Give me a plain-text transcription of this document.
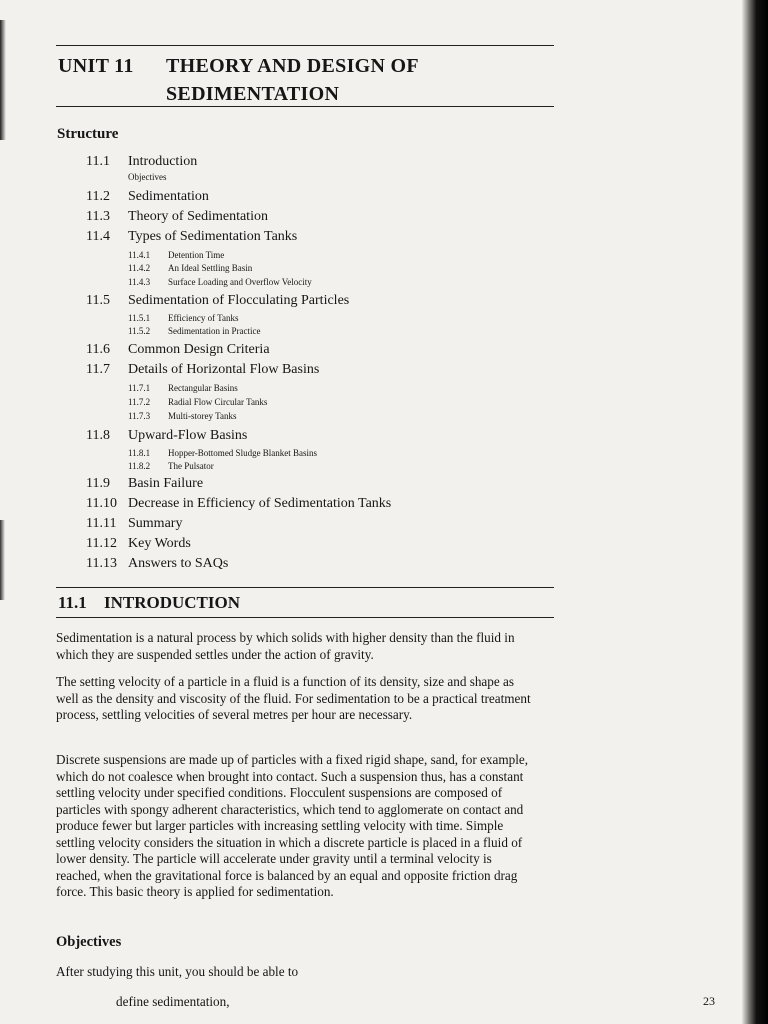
UNIT 11 THEORY AND DESIGN OF
SEDIMENTATION
Structure
11.1 Introduction
Objectives
11.2 Sedimentation
11.3 Theory of Sedimentation
11.4 Types of Sedimentation Tanks
11.4.1 Detention Time
11.4.2 An Ideal Settling Basin
11.4.3 Surface Loading and Overflow Velocity
11.5 Sedimentation of Flocculating Particles
11.5.1 Efficiency of Tanks
11.5.2 Sedimentation in Practice
11.6 Common Design Criteria
11.7 Details of Horizontal Flow Basins
11.7.1 Rectangular Basins
11.7.2 Radial Flow Circular Tanks
11.7.3 Multi-storey Tanks
11.8 Upward-Flow Basins
11.8.1 Hopper-Bottomed Sludge Blanket Basins
11.8.2 The Pulsator
11.9 Basin Failure
11.10 Decrease in Efficiency of Sedimentation Tanks
11.11 Summary
11.12 Key Words
11.13 Answers to SAQs
11.1 INTRODUCTION
Sedimentation is a natural process by which solids with higher density than the fluid in which they are suspended settles under the action of gravity.
The setting velocity of a particle in a fluid is a function of its density, size and shape as well as the density and viscosity of the fluid. For sedimentation to be a practical treatment process, settling velocities of several metres per hour are necessary.
Discrete suspensions are made up of particles with a fixed rigid shape, sand, for example, which do not coalesce when brought into contact. Such a suspension thus, has a constant settling velocity under specified conditions. Flocculent suspensions are composed of particles with spongy adherent characteristics, which tend to agglomerate on contact and produce fewer but larger particles with increasing settling velocity with time. Simple settling velocity considers the situation in which a discrete particle is placed in a fluid of lower density. The particle will accelerate under gravity until a terminal velocity is reached, when the gravitational force is balanced by an equal and opposite friction drag force. This basic theory is applied for sedimentation.
Objectives
After studying this unit, you should be able to
define sedimentation,	23
